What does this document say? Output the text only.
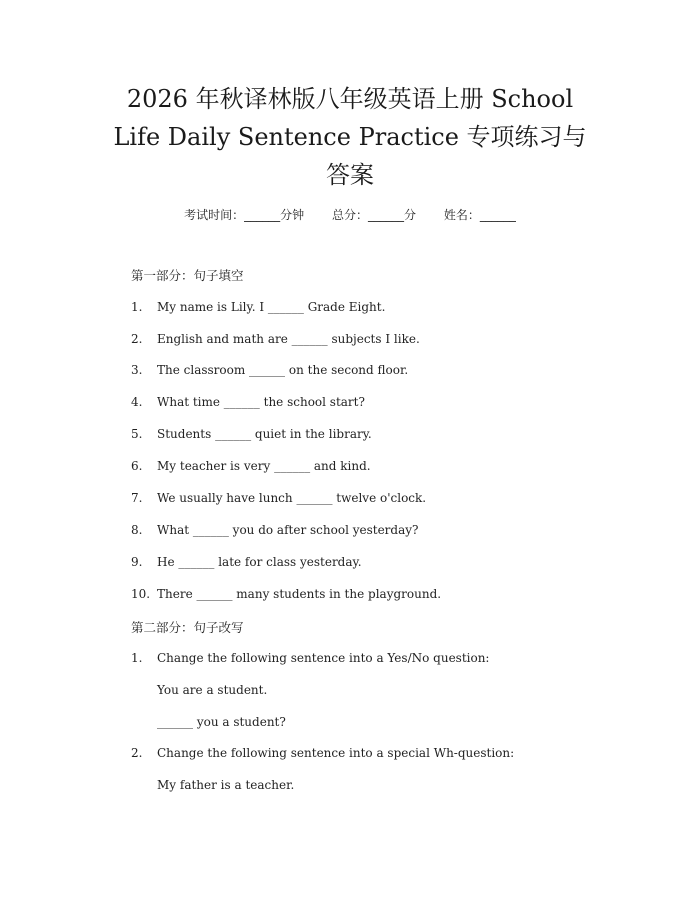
2026 年秋译林版八年级英语上册 School
Life Daily Sentence Practice 专项练习与
答案
考试时间：______分钟 总分：______分 姓名：______
第一部分：句子填空
1. My name is Lily. I ______ Grade Eight.
2. English and math are ______ subjects I like.
3. The classroom ______ on the second floor.
4. What time ______ the school start?
5. Students ______ quiet in the library.
6. My teacher is very ______ and kind.
7. We usually have lunch ______ twelve o'clock.
8. What ______ you do after school yesterday?
9. He ______ late for class yesterday.
10. There ______ many students in the playground.
第二部分：句子改写
1. Change the following sentence into a Yes/No question:
You are a student.
______ you a student?
2. Change the following sentence into a special Wh-question:
My father is a teacher.
